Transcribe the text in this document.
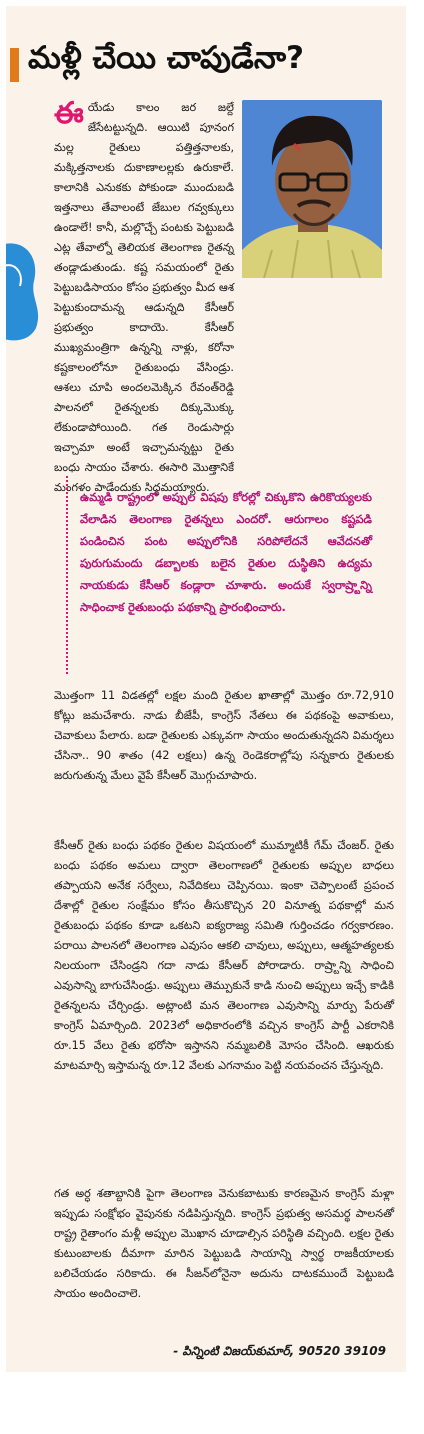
మళ్లీ చేయి చాపుడేనా?

ఈయేడు కాలం జర జల్దే జేసేటట్టున్నది. ఆయిటి పూనంగ మల్ల రైతులు పత్తిత్తనాలకు, మక్కిత్తనాలకు దుకాణాలల్లకు ఉరుకాలే. కాలానికి ఎనుకకు పోకుండా ముందుబడి ఇత్తనాలు తేవాలంటే జేబుల గవ్వక్కులు ఉండాలే! కానీ, మల్లొచ్చే పంటకు పెట్టుబడి ఎట్ల తేవాల్నో తెలియక తెలంగాణ రైతన్న తండ్లాడుతుండు. కష్ట సమయంలో రైతు పెట్టుబడిసాయం కోసం ప్రభుత్వం మీద ఆశ పెట్టుకుందామన్న ఆడున్నది కేసీఆర్ ప్రభుత్వం కాదాయె. కేసీఆర్ ముఖ్యమంత్రిగా ఉన్నన్ని నాళ్లు, కరోనా కష్టకాలంలోనూ రైతుబంధు వేసిండ్రు. ఆశలు చూపి అందలమెక్కిన రేవంత్‌రెడ్డి పాలనలో రైతన్నలకు దిక్కుమొక్కు లేకుండాపోయింది. గత రెండుసార్లు ఇచ్చామా అంటే ఇచ్చామన్నట్టు రైతు బంధు సాయం చేశారు. ఈసారి మొత్తానికే మంగళం పాడేందుకు సిద్ధమయ్యారు.

ఉమ్మడి రాష్ట్రంలో అప్పుల విషపు కోరల్లో చిక్కుకొని ఉరికొయ్యలకు వేలాడిన తెలంగాణ రైతన్నలు ఎందరో. ఆరుగాలం కష్టపడి పండించిన పంట అప్పులోనికి సరిపోలేదనే ఆవేదనతో పురుగుమందు డబ్బాలకు బలైన రైతుల దుస్థితిని ఉద్యమ నాయకుడు కేసీఆర్ కండ్లారా చూశారు. అందుకే స్వరాష్ర్టాన్ని సాధించాక రైతుబంధు పథకాన్ని ప్రారంభించారు.

మొత్తంగా 11 విడతల్లో లక్షల మంది రైతుల ఖాతాల్లో మొత్తం రూ.72,910 కోట్లు జమచేశారు. నాడు బీజేపీ, కాంగ్రెస్ నేతలు ఈ పథకంపై అవాకులు, చెవాకులు పేలారు. బడా రైతులకు ఎక్కువగా సాయం అందుతున్నదని విమర్శలు చేసినా.. 90 శాతం (42 లక్షలు) ఉన్న రెండెకరాల్లోపు సన్నకారు రైతులకు జరుగుతున్న మేలు వైపే కేసీఆర్ మొగ్గుచూపారు.

కేసీఆర్ రైతు బంధు పథకం రైతుల విషయంలో ముమ్మాటికీ గేమ్ చేంజర్. రైతు బంధు పథకం అమలు ద్వారా తెలంగాణలో రైతులకు అప్పుల బాధలు తప్పాయని అనేక సర్వేలు, నివేదికలు చెప్పినయి. ఇంకా చెప్పాలంటే ప్రపంచ దేశాల్లో రైతుల సంక్షేమం కోసం తీసుకొచ్చిన 20 వినూత్న పథకాల్లో మన రైతుబంధు పథకం కూడా ఒకటని ఐక్యరాజ్య సమితి గుర్తించడం గర్వకారణం. పరాయి పాలనలో తెలంగాణ ఎవుసం ఆకలి చావులు, అప్పులు, ఆత్మహత్యలకు నిలయంగా చేసిండ్రని గదా నాడు కేసీఆర్ పోరాడారు. రాష్ర్టాన్ని సాధించి ఎవుసాన్ని బాగుచేసిండ్రు. అప్పులు తెమ్పుకునే కాడి నుంచి అప్పులు ఇచ్చే కాడికి రైతన్నలను చేర్చిండ్రు. అట్లాంటి మన తెలంగాణ ఎవుసాన్ని మార్పు పేరుతో కాంగ్రెస్ ఏమార్చింది. 2023లో అధికారంలోకి వచ్చిన కాంగ్రెస్ పార్టీ ఎకరానికి రూ.15 వేలు రైతు భరోసా ఇస్తానని నమ్మబలికి మోసం చేసింది. ఆఖరుకు మాటమార్చి ఇస్తామన్న రూ.12 వేలకు ఎగనామం పెట్టి నయవంచన చేస్తున్నది.

గత అర్ధ శతాబ్దానికి పైగా తెలంగాణ వెనుకబాటుకు కారణమైన కాంగ్రెస్ మళ్లా ఇప్పుడు సంక్షోభం వైపునకు నడిపిస్తున్నది. కాంగ్రెస్ ప్రభుత్వ అసమర్థ పాలనతో రాష్ట్ర రైతాంగం మళ్లీ అప్పుల మొఖాన చూడాల్సిన పరిస్థితి వచ్చింది. లక్షల రైతు కుటుంబాలకు దీమాగా మారిన పెట్టుబడి సాయాన్ని స్వార్థ రాజకీయాలకు బలిచేయడం సరికాదు. ఈ సీజన్‌లోనైనా అదును దాటకముందే పెట్టుబడి సాయం అందించాలె.

- పిన్నింటి విజయ్‌కుమార్, 90520 39109
